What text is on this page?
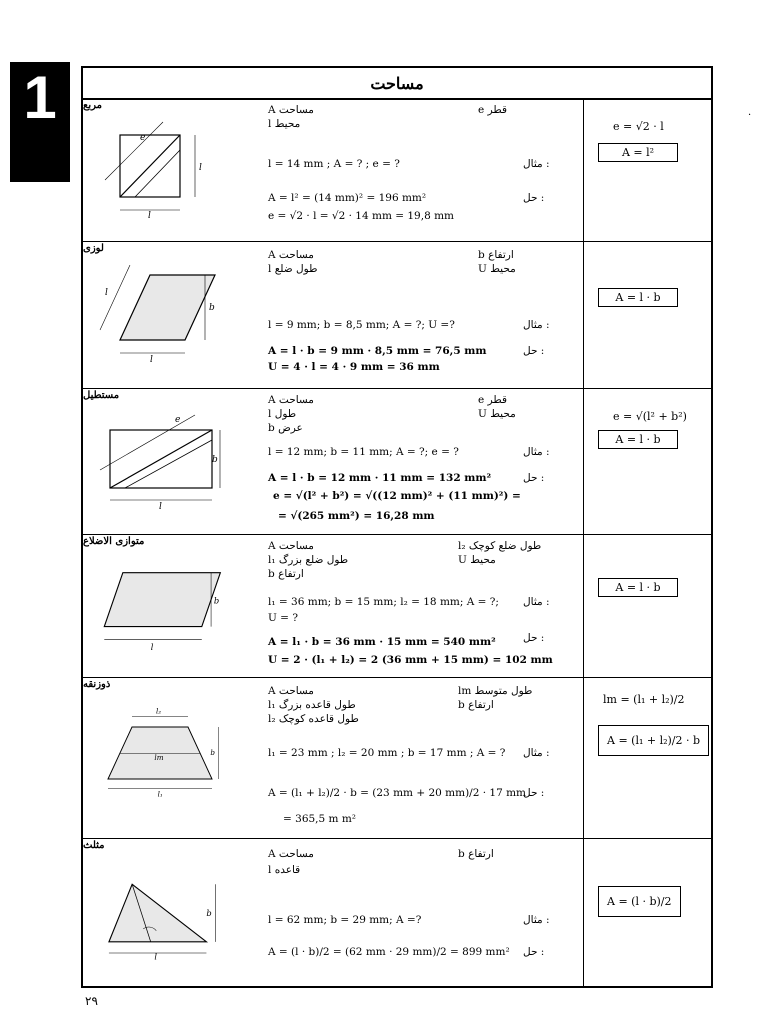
1	·
مساحت
مربع
e
l
l
A مساحت
l محیط
e قطر
مثال :
l = 14 mm ; A = ? ; e = ?
حل :
A = l² = (14 mm)² = 196 mm²
e = √2 · l = √2 · 14 mm = 19,8 mm
e = √2 · l
A = l²
لوزی
l
l
b
A مساحت
l طول ضلع
b ارتفاع
U محیط
مثال :
l = 9 mm; b = 8,5 mm; A = ?; U =?
حل :
A = l · b = 9 mm · 8,5 mm = 76,5 mm
U = 4 · l = 4 · 9 mm = 36 mm
A = l · b
مستطیل
e
l
b
A مساحت
l طول
b عرض
e قطر
U محیط
مثال :
l = 12 mm; b = 11 mm; A = ?; e = ?
حل :
A = l · b = 12 mm · 11 mm = 132 mm²
e = √(l² + b²) = √((12 mm)² + (11 mm)²) =
= √(265 mm²) = 16,28 mm
e = √(l² + b²)
A = l · b
متوازی الاضلاع
l
b
A مساحت
l₁ طول ضلع بزرگ
b ارتفاع
l₂ طول ضلع کوچک
U محیط
مثال :
l₁ = 36 mm; b = 15 mm; l₂ = 18 mm; A = ?;
U = ?
حل :
A = l₁ · b = 36 mm · 15 mm = 540 mm²
U = 2 · (l₁ + l₂) = 2 (36 mm + 15 mm) = 102 mm
A = l · b
ذوزنقه
l₂
lm
l₁
b
A مساحت
l₁ طول قاعده بزرگ
l₂ طول قاعده کوچک
lm طول متوسط
b ارتفاع
مثال :
l₁ = 23 mm ; l₂ = 20 mm ; b = 17 mm ; A = ?
حل :
A = (l₁ + l₂)/2 · b = (23 mm + 20 mm)/2 · 17 mm
= 365,5 m m²
lm = (l₁ + l₂)/2
A = (l₁ + l₂)/2 · b
مثلث
l
b
A مساحت
l قاعده
b ارتفاع
مثال :
l = 62 mm; b = 29 mm; A =?
حل :
A = (l · b)/2 = (62 mm · 29 mm)/2 = 899 mm²
A = (l · b)/2
۲۹
